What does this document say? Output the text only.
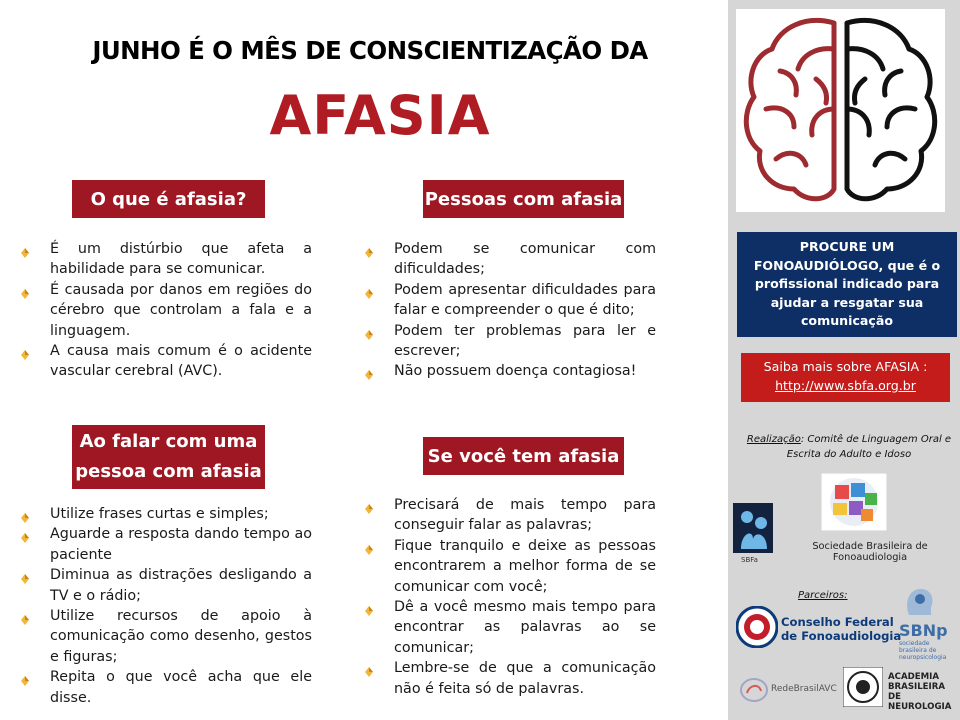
JUNHO É O MÊS DE CONSCIENTIZAÇÃO DA
AFASIA
O que é afasia?	Pessoas com afasia
Ao falar com uma
pessoa com afasia
Se você tem afasia
É um distúrbio que afeta a habilidade para se comunicar.
É causada por danos em regiões do cérebro que controlam a fala e a linguagem.
A causa mais comum é o acidente vascular cerebral (AVC).
Podem se comunicar com dificuldades;
Podem apresentar dificuldades para falar e compreender o que é dito;
Podem ter problemas para ler e escrever;
Não possuem doença contagiosa!
Utilize frases curtas e simples;
Aguarde a resposta dando tempo ao paciente
Diminua as distrações desligando a TV e o rádio;
Utilize recursos de apoio à comunicação como desenho, gestos e figuras;
Repita o que você acha que ele disse.
Precisará de mais tempo para conseguir falar as palavras;
Fique tranquilo e deixe as pessoas encontrarem a melhor forma de se comunicar com você;
Dê a você mesmo mais tempo para encontrar as palavras ao se comunicar;
Lembre-se de que a comunicação não é feita só de palavras.
PROCURE UM FONOAUDIÓLOGO, que é o profissional indicado para ajudar a resgatar sua comunicação
Saiba mais sobre AFASIA :
http://www.sbfa.org.br
Realização: Comitê de Linguagem Oral e Escrita do Adulto e Idoso
SBFa
Sociedade Brasileira de Fonoaudiologia
Parceiros:
Conselho Federal
de Fonoaudiologia
SBNp
sociedade brasileira de neuropsicologia
RedeBrasilAVC
ACADEMIA
BRASILEIRA
DE NEUROLOGIA
